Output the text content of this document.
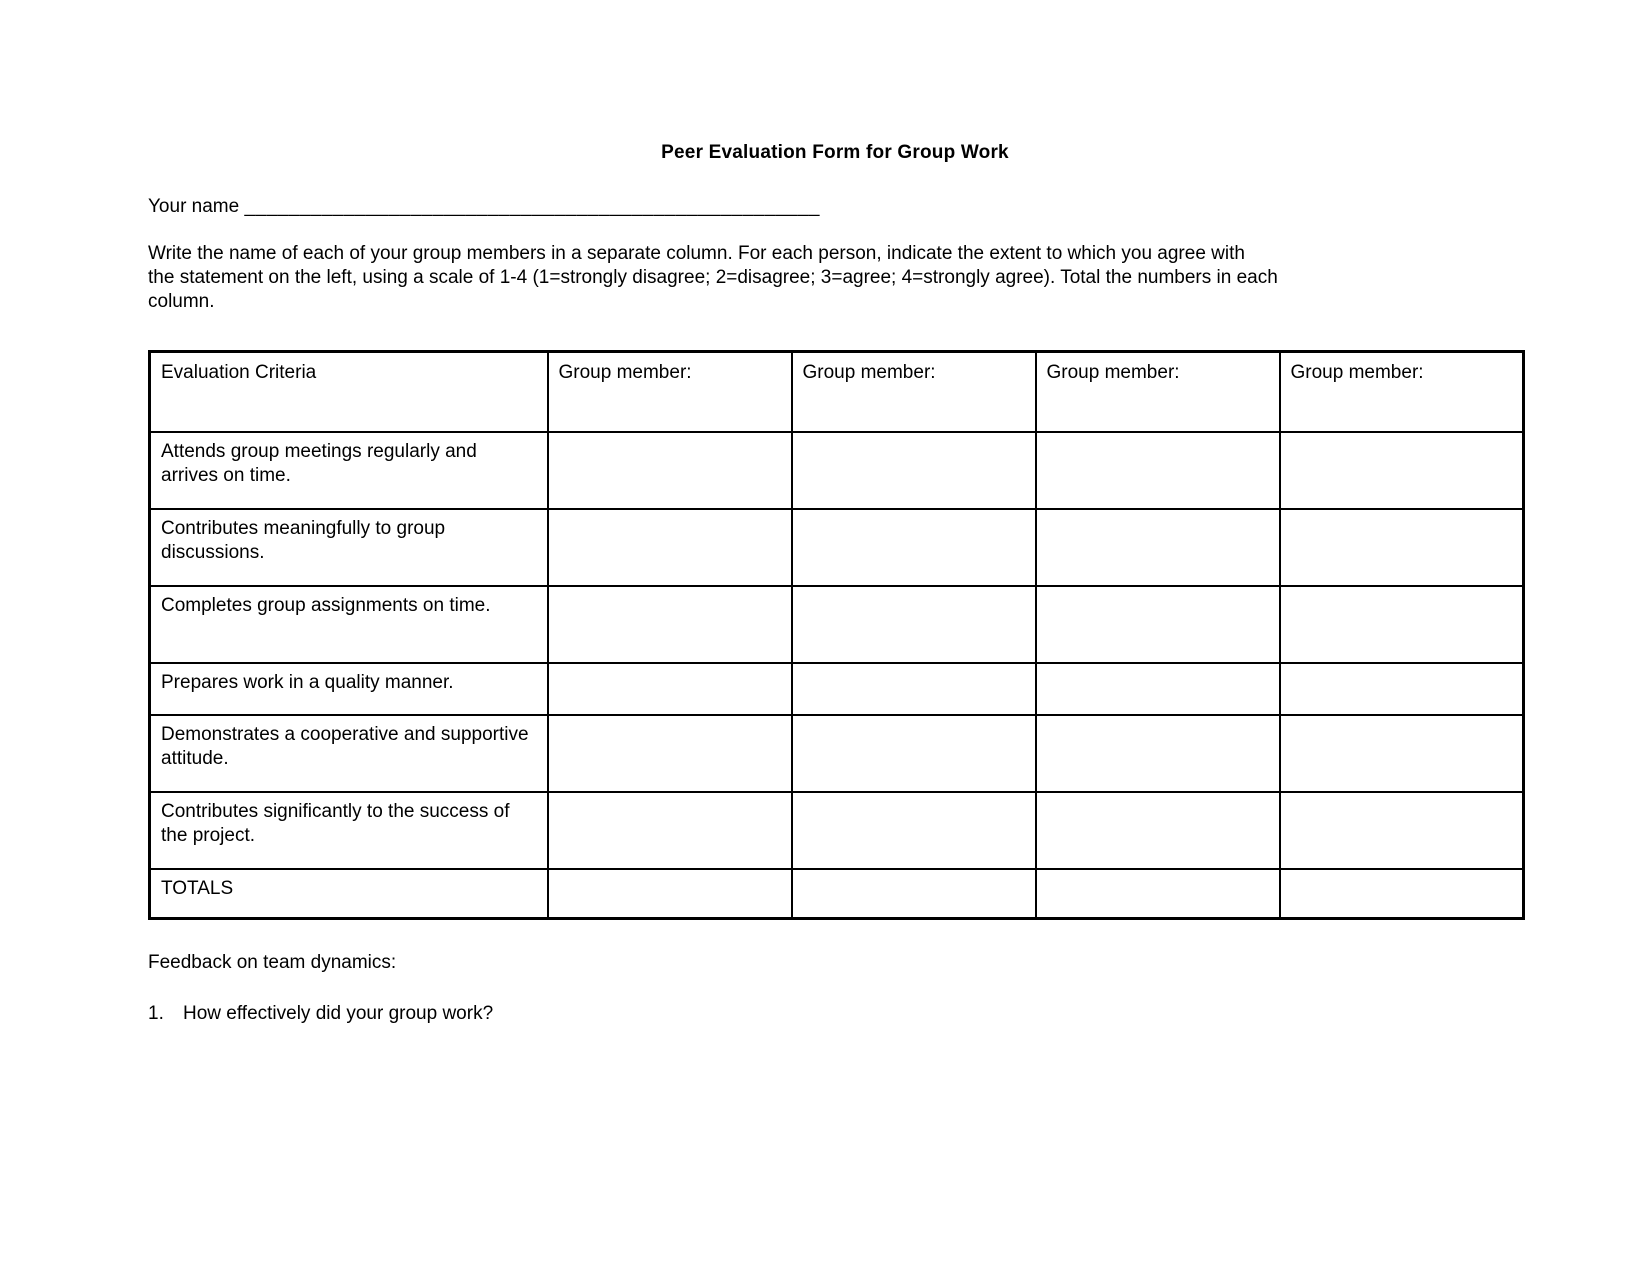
Peer Evaluation Form for Group Work
Your name ____________________________________________________
Write the name of each of your group members in a separate column. For each person, indicate the extent to which you agree with
the statement on the left, using a scale of 1-4 (1=strongly disagree; 2=disagree; 3=agree; 4=strongly agree). Total the numbers in each
column.
Evaluation Criteria	Group member:	Group member:	Group member:	Group member:
Attends group meetings regularly and arrives on time.				
Contributes meaningfully to group discussions.				
Completes group assignments on time.				
Prepares work in a quality manner.				
Demonstrates a cooperative and supportive attitude.				
Contributes significantly to the success of the project.				
TOTALS				
Feedback on team dynamics:
1.	How effectively did your group work?
